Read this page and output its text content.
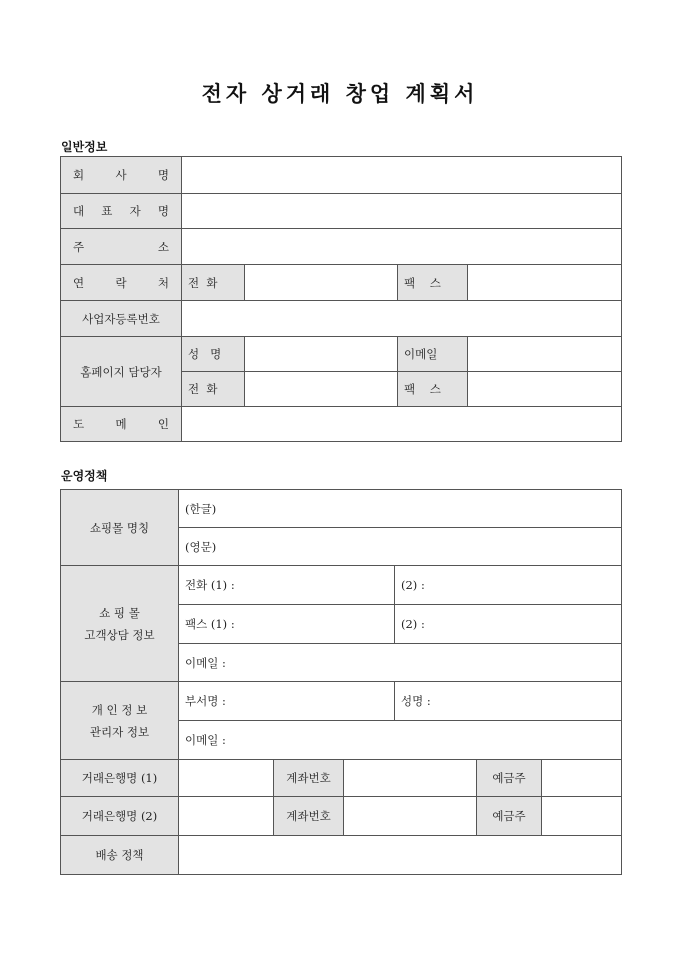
전자 상거래 창업 계획서
일반정보
회 사 명				

대 표 자 명				

주 소				

연 락 처	전 화		팩 스	
사업자등록번호				
홈페이지 담당자	성 명		이메일	
	전 화		팩 스	

도 메 인				

운영정책
쇼핑몰 명칭	(한글)					
	(영문)					

쇼 핑 몰
고객상담 정보	전화 (1) :			(2) :		
	팩스 (1) :			(2) :		
	이메일 :					

개 인 정 보
관리자 정보	부서명 :			성명 :		
	이메일 :					
거래은행명 (1)		계좌번호			예금주	
거래은행명 (2)		계좌번호			예금주	
배송 정책						
